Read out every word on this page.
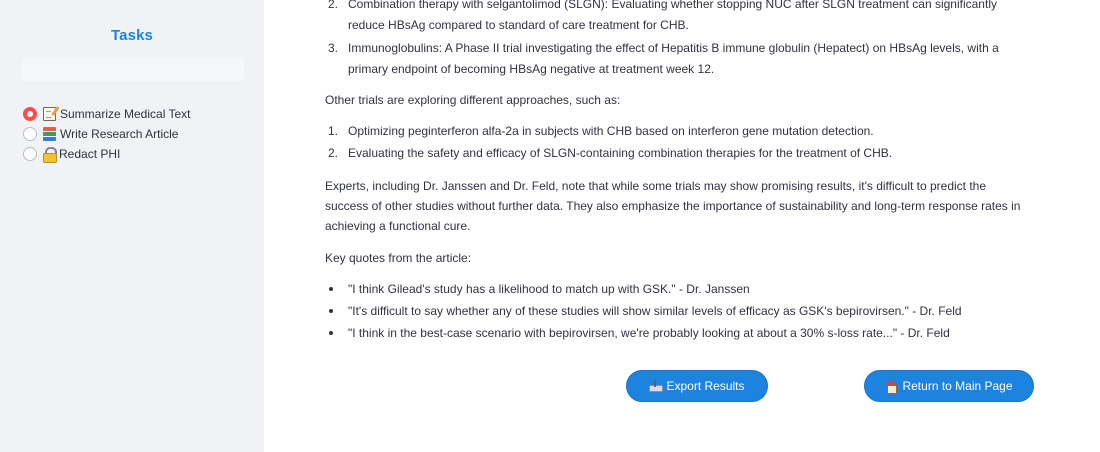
Tasks
Summarize Medical Text
Write Research Article
Redact PHI
2. Combination therapy with selgantolimod (SLGN): Evaluating whether stopping NUC after SLGN treatment can significantly reduce HBsAg compared to standard of care treatment for CHB.
3. Immunoglobulins: A Phase II trial investigating the effect of Hepatitis B immune globulin (Hepatect) on HBsAg levels, with a primary endpoint of becoming HBsAg negative at treatment week 12.

Other trials are exploring different approaches, such as:

1. Optimizing peginterferon alfa-2a in subjects with CHB based on interferon gene mutation detection.
2. Evaluating the safety and efficacy of SLGN-containing combination therapies for the treatment of CHB.

Experts, including Dr. Janssen and Dr. Feld, note that while some trials may show promising results, it's difficult to predict the success of other studies without further data. They also emphasize the importance of sustainability and long-term response rates in achieving a functional cure.

Key quotes from the article:

"I think Gilead's study has a likelihood to match up with GSK." - Dr. Janssen
"It's difficult to say whether any of these studies will show similar levels of efficacy as GSK's bepirovirsen." - Dr. Feld
"I think in the best-case scenario with bepirovirsen, we're probably looking at about a 30% s-loss rate..." - Dr. Feld
Export Results	Return to Main Page
